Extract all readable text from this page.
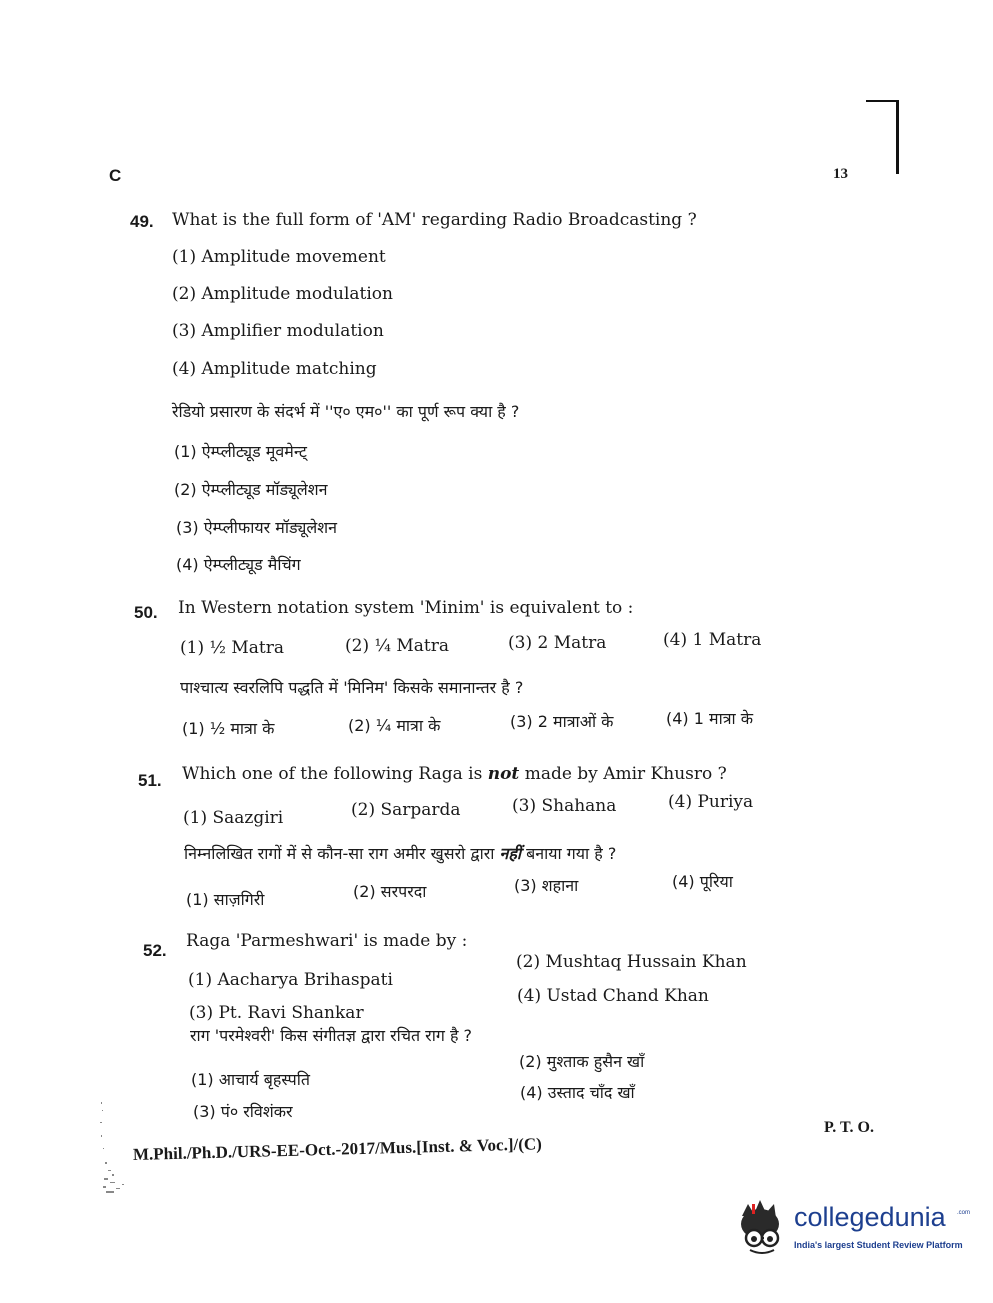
C	13
49. What is the full form of 'AM' regarding Radio Broadcasting ?
(1) Amplitude movement
(2) Amplitude modulation
(3) Amplifier modulation
(4) Amplitude matching
रेडियो प्रसारण के संदर्भ में ''ए० एम०'' का पूर्ण रूप क्या है ?
(1) ऐम्प्लीट्यूड मूवमेन्ट्
(2) ऐम्प्लीट्यूड मॉड्यूलेशन
(3) ऐम्प्लीफायर मॉड्यूलेशन
(4) ऐम्प्लीट्यूड मैचिंग
50. In Western notation system 'Minim' is equivalent to :
(1) ½ Matra	(2) ¼ Matra	(3) 2 Matra	(4) 1 Matra
पाश्चात्य स्वरलिपि पद्धति में 'मिनिम' किसके समानान्तर है ?
(1) ½ मात्रा के	(2) ¼ मात्रा के	(3) 2 मात्राओं के	(4) 1 मात्रा के
51. Which one of the following Raga is not made by Amir Khusro ?
(1) Saazgiri	(2) Sarparda	(3) Shahana	(4) Puriya
निम्नलिखित रागों में से कौन-सा राग अमीर खुसरो द्वारा नहीं बनाया गया है ?
(1) साज़गिरी	(2) सरपरदा	(3) शहाना	(4) पूरिया
52. Raga 'Parmeshwari' is made by :
(1) Aacharya Brihaspati
(2) Mushtaq Hussain Khan
(3) Pt. Ravi Shankar
(4) Ustad Chand Khan
राग 'परमेश्वरी' किस संगीतज्ञ द्वारा रचित राग है ?
(1) आचार्य बृहस्पति
(2) मुश्ताक हुसैन खाँ
(3) पं० रविशंकर
(4) उस्ताद चाँद खाँ
P. T. O.
M.Phil./Ph.D./URS-EE-Oct.-2017/Mus.[Inst. & Voc.]/(C)
collegedunia .com
India's largest Student Review Platform
